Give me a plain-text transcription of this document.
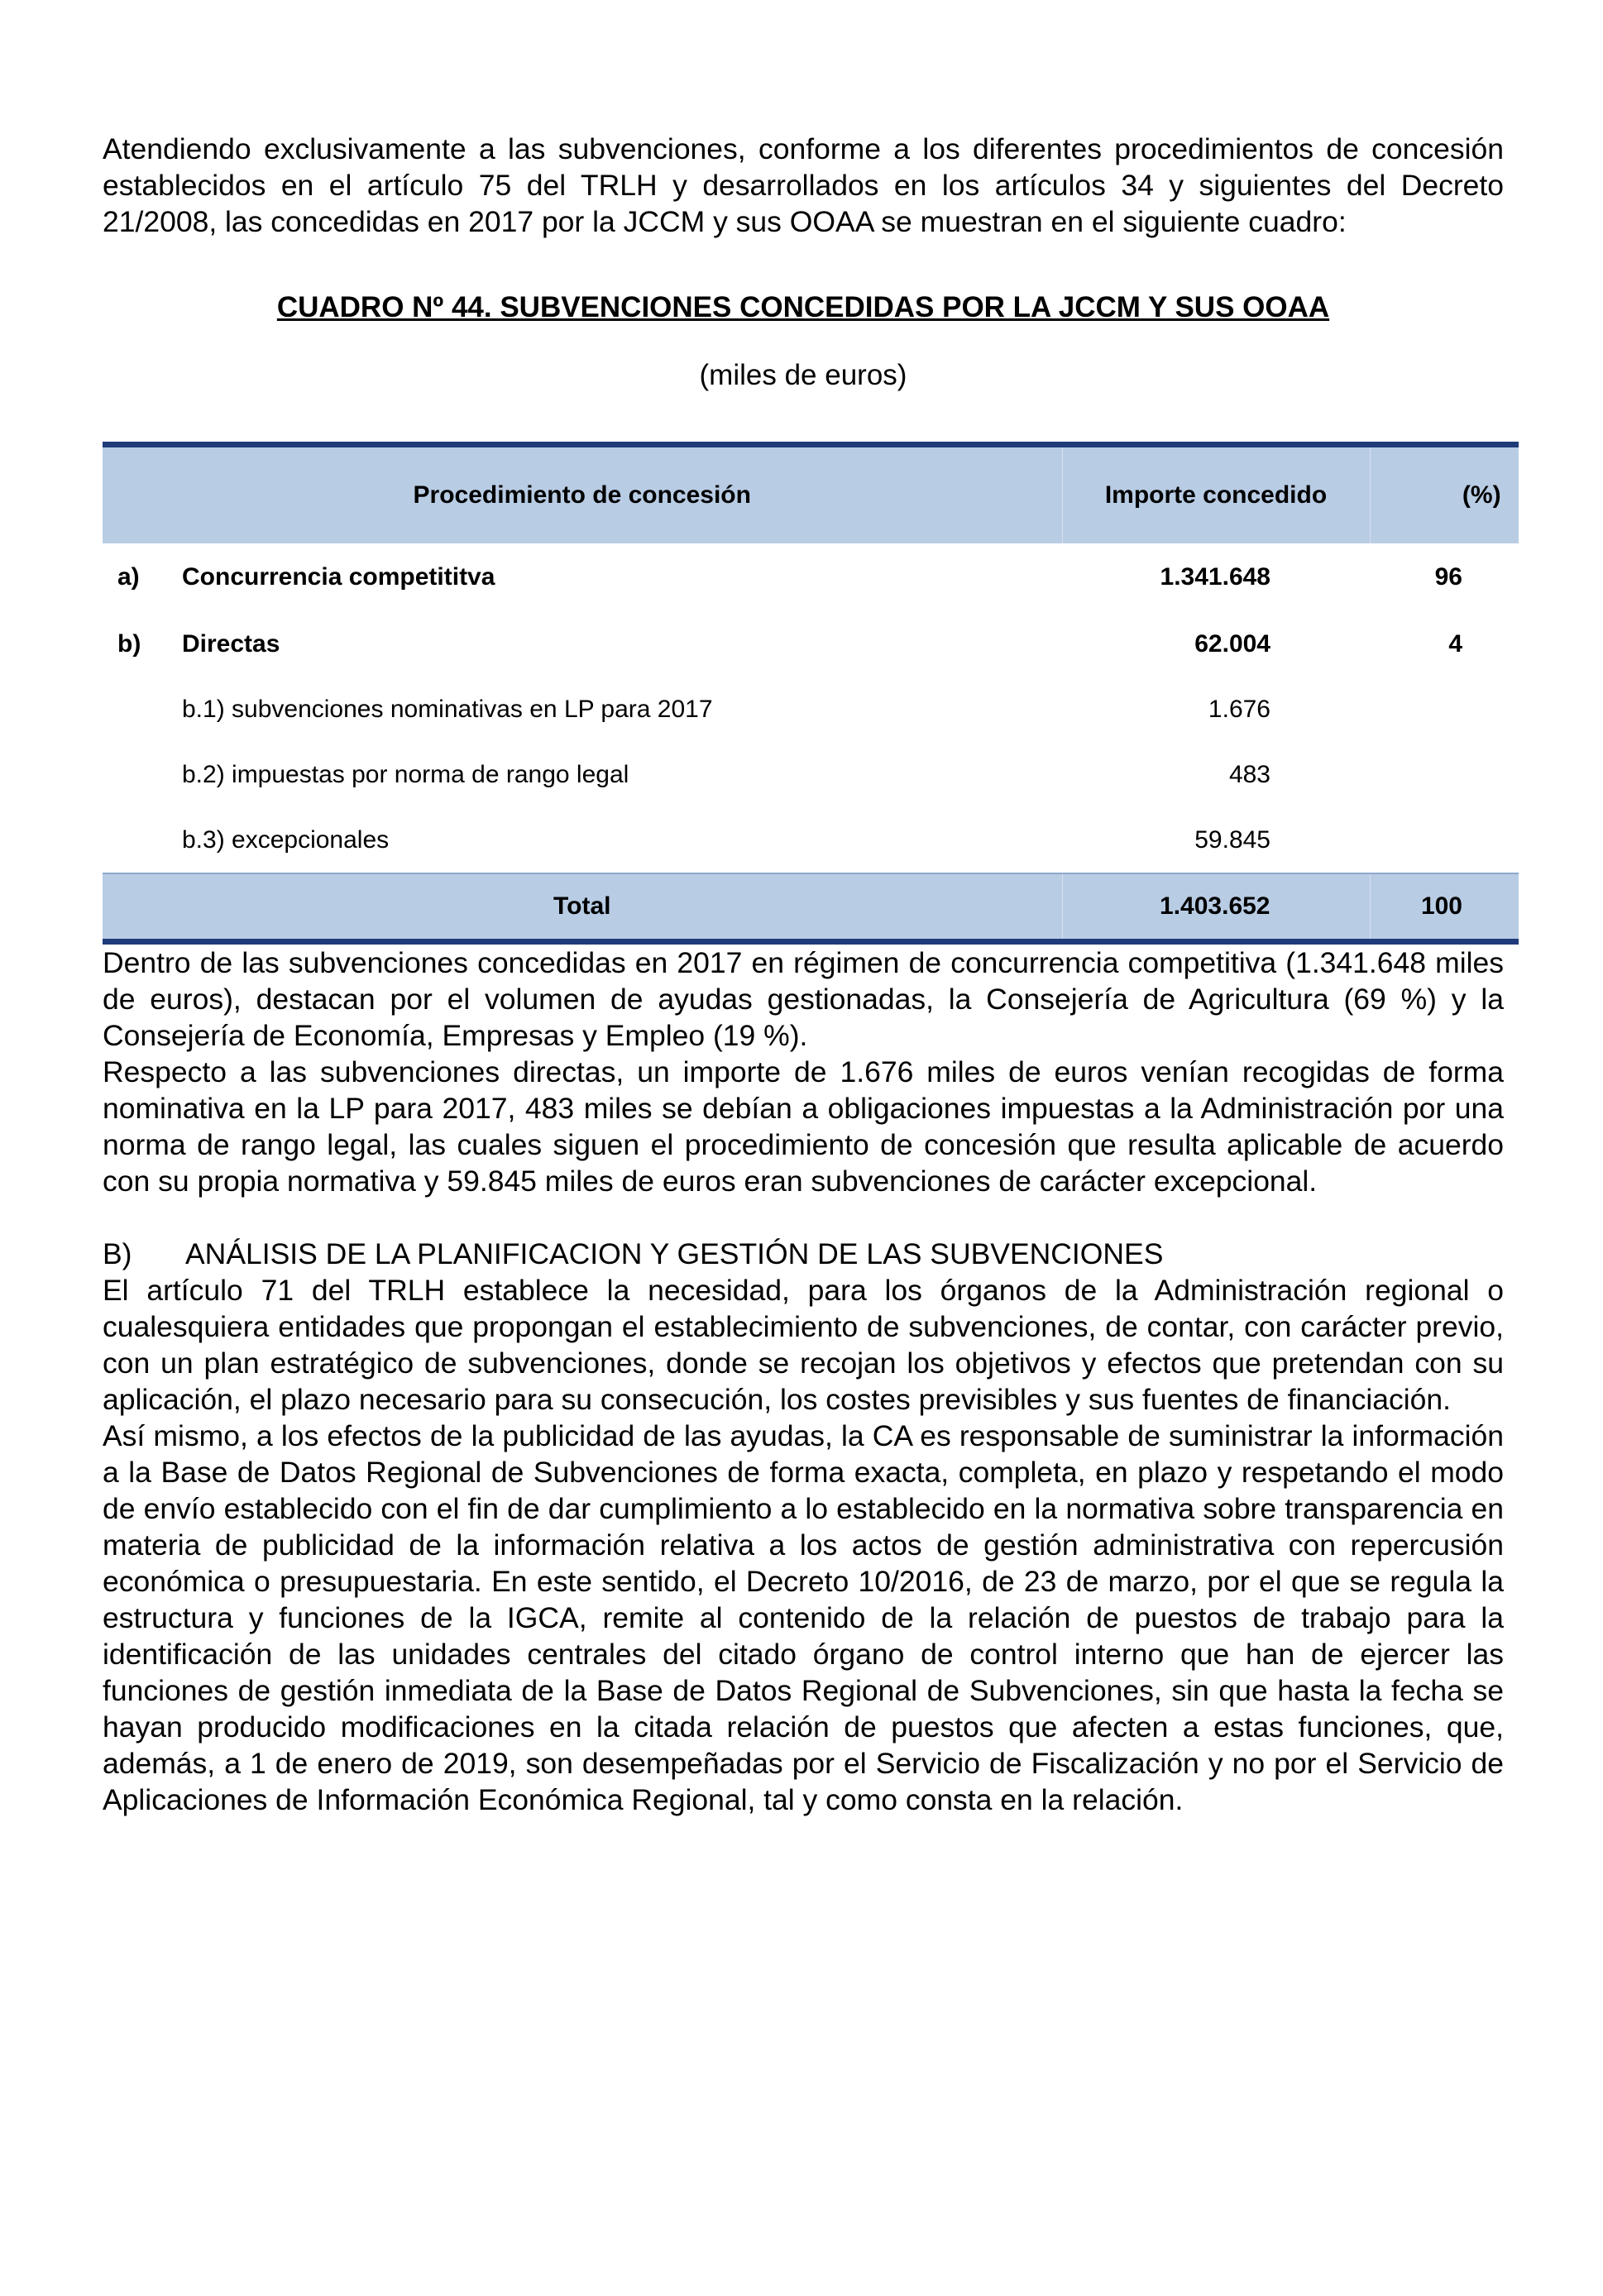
Atendiendo exclusivamente a las subvenciones, conforme a los diferentes procedimientos de concesión establecidos en el artículo 75 del TRLH y desarrollados en los artículos 34 y siguientes del Decreto 21/2008, las concedidas en 2017 por la JCCM y sus OOAA se muestran en el siguiente cuadro:

CUADRO Nº 44. SUBVENCIONES CONCEDIDAS POR LA JCCM Y SUS OOAA
(miles de euros)
Procedimiento de concesión		Importe concedido	(%)
a)	Concurrencia competititva	1.341.648	96
b)	Directas	62.004	4
	b.1) subvenciones nominativas en LP para 2017	1.676	
	b.2) impuestas por norma de rango legal	483	
	b.3) excepcionales	59.845	
Total		1.403.652	100

Dentro de las subvenciones concedidas en 2017 en régimen de concurrencia competitiva (1.341.648 miles de euros), destacan por el volumen de ayudas gestionadas, la Consejería de Agricultura (69 %) y la Consejería de Economía, Empresas y Empleo (19 %).

Respecto a las subvenciones directas, un importe de 1.676 miles de euros venían recogidas de forma nominativa en la LP para 2017, 483 miles se debían a obligaciones impuestas a la Administración por una norma de rango legal, las cuales siguen el procedimiento de concesión que resulta aplicable de acuerdo con su propia normativa y 59.845 miles de euros eran subvenciones de carácter excepcional.

B) ANÁLISIS DE LA PLANIFICACION Y GESTIÓN DE LAS SUBVENCIONES

El artículo 71 del TRLH establece la necesidad, para los órganos de la Administración regional o cualesquiera entidades que propongan el establecimiento de subvenciones, de contar, con carácter previo, con un plan estratégico de subvenciones, donde se recojan los objetivos y efectos que pretendan con su aplicación, el plazo necesario para su consecución, los costes previsibles y sus fuentes de financiación.

Así mismo, a los efectos de la publicidad de las ayudas, la CA es responsable de suministrar la información a la Base de Datos Regional de Subvenciones de forma exacta, completa, en plazo y respetando el modo de envío establecido con el fin de dar cumplimiento a lo establecido en la normativa sobre transparencia en materia de publicidad de la información relativa a los actos de gestión administrativa con repercusión económica o presupuestaria. En este sentido, el Decreto 10/2016, de 23 de marzo, por el que se regula la estructura y funciones de la IGCA, remite al contenido de la relación de puestos de trabajo para la identificación de las unidades centrales del citado órgano de control interno que han de ejercer las funciones de gestión inmediata de la Base de Datos Regional de Subvenciones, sin que hasta la fecha se hayan producido modificaciones en la citada relación de puestos que afecten a estas funciones, que, además, a 1 de enero de 2019, son desempeñadas por el Servicio de Fiscalización y no por el Servicio de Aplicaciones de Información Económica Regional, tal y como consta en la relación.
